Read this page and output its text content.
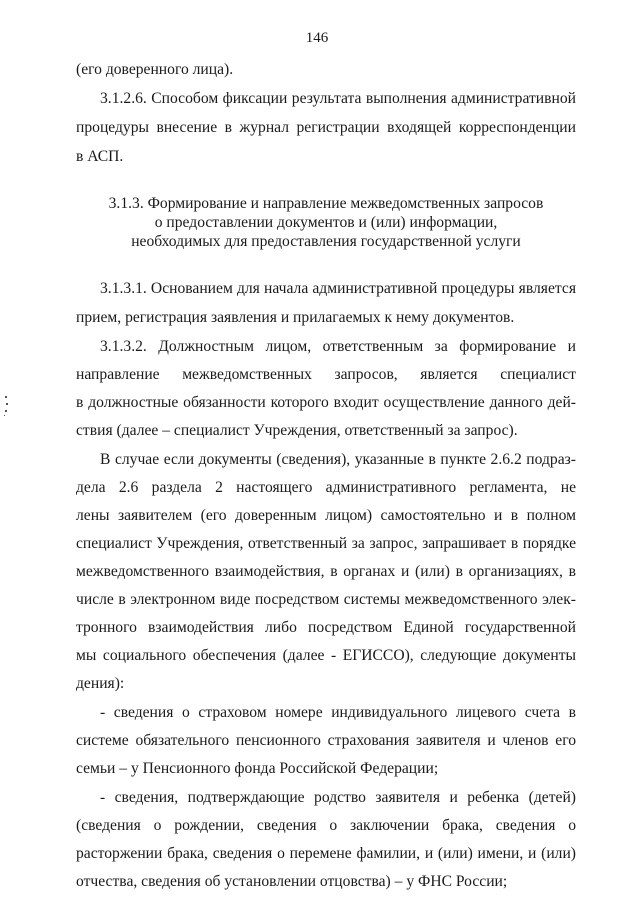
146
(его доверенного лица).
3.1.2.6. Способом фиксации результата выполнения административной
процедуры внесение в журнал регистрации входящей корреспонденции
в АСП.
3.1.3. Формирование и направление межведомственных запросов
о предоставлении документов и (или) информации,
необходимых для предоставления государственной услуги
3.1.3.1. Основанием для начала административной процедуры является
прием, регистрация заявления и прилагаемых к нему документов.
3.1.3.2. Должностным лицом, ответственным за формирование и
направление межведомственных запросов, является специалист
в должностные обязанности которого входит осуществление данного дей-
ствия (далее – специалист Учреждения, ответственный за запрос).
В случае если документы (сведения), указанные в пункте 2.6.2 подраз-
дела 2.6 раздела 2 настоящего административного регламента, не
лены заявителем (его доверенным лицом) самостоятельно и в полном
специалист Учреждения, ответственный за запрос, запрашивает в порядке
межведомственного взаимодействия, в органах и (или) в организациях, в
числе в электронном виде посредством системы межведомственного элек-
тронного взаимодействия либо посредством Единой государственной
мы социального обеспечения (далее - ЕГИССО), следующие документы
дения):
- сведения о страховом номере индивидуального лицевого счета в
системе обязательного пенсионного страхования заявителя и членов его
семьи – у Пенсионного фонда Российской Федерации;
- сведения, подтверждающие родство заявителя и ребенка (детей)
(сведения о рождении, сведения о заключении брака, сведения о
расторжении брака, сведения о перемене фамилии, и (или) имени, и (или)
отчества, сведения об установлении отцовства) – у ФНС России;
